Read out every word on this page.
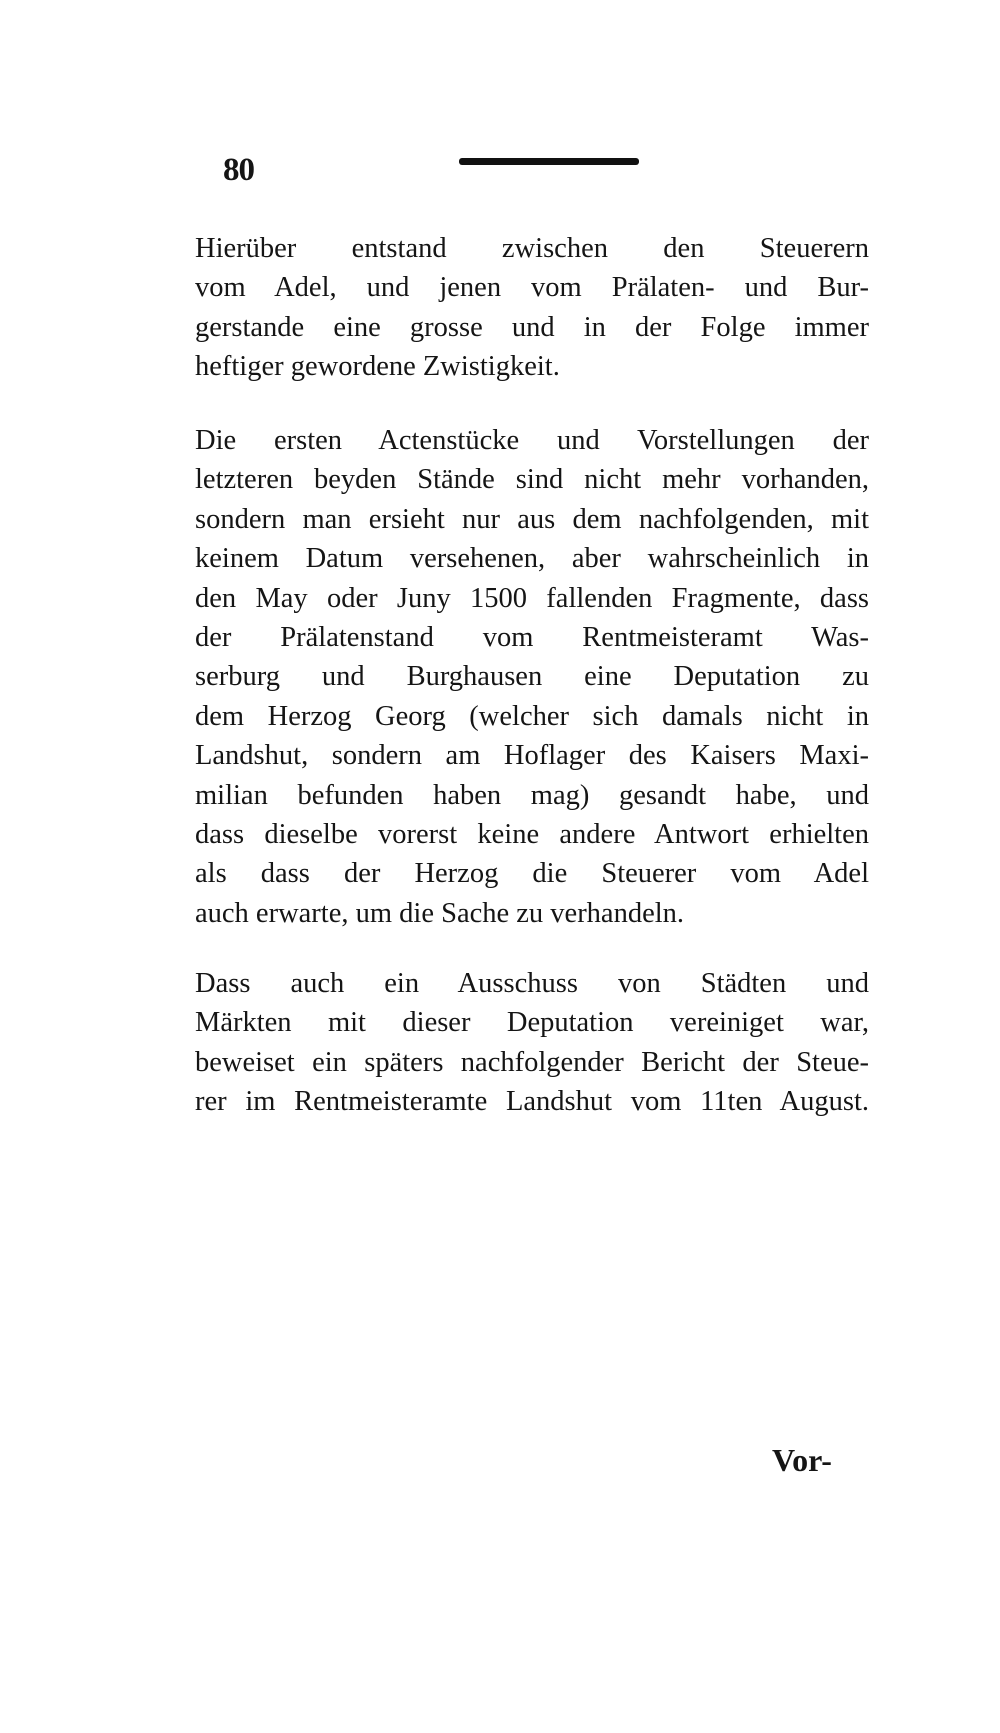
80
Hierüber entstand zwischen den Steuerern
vom Adel, und jenen vom Prälaten- und Bur-
gerstande eine grosse und in der Folge immer
heftiger gewordene Zwistigkeit.
Die ersten Actenstücke und Vorstellungen der
letzteren beyden Stände sind nicht mehr vorhanden,
sondern man ersieht nur aus dem nachfolgenden, mit
keinem Datum versehenen, aber wahrscheinlich in
den May oder Juny 1500 fallenden Fragmente, dass
der Prälatenstand vom Rentmeisteramt Was-
serburg und Burghausen eine Deputation zu
dem Herzog Georg (welcher sich damals nicht in
Landshut, sondern am Hoflager des Kaisers Maxi-
milian befunden haben mag) gesandt habe, und
dass dieselbe vorerst keine andere Antwort erhielten
als dass der Herzog die Steuerer vom Adel
auch erwarte, um die Sache zu verhandeln.
Dass auch ein Ausschuss von Städten und
Märkten mit dieser Deputation vereiniget war,
beweiset ein späters nachfolgender Bericht der Steue-
rer im Rentmeisteramte Landshut vom 11ten August.
Vor-
